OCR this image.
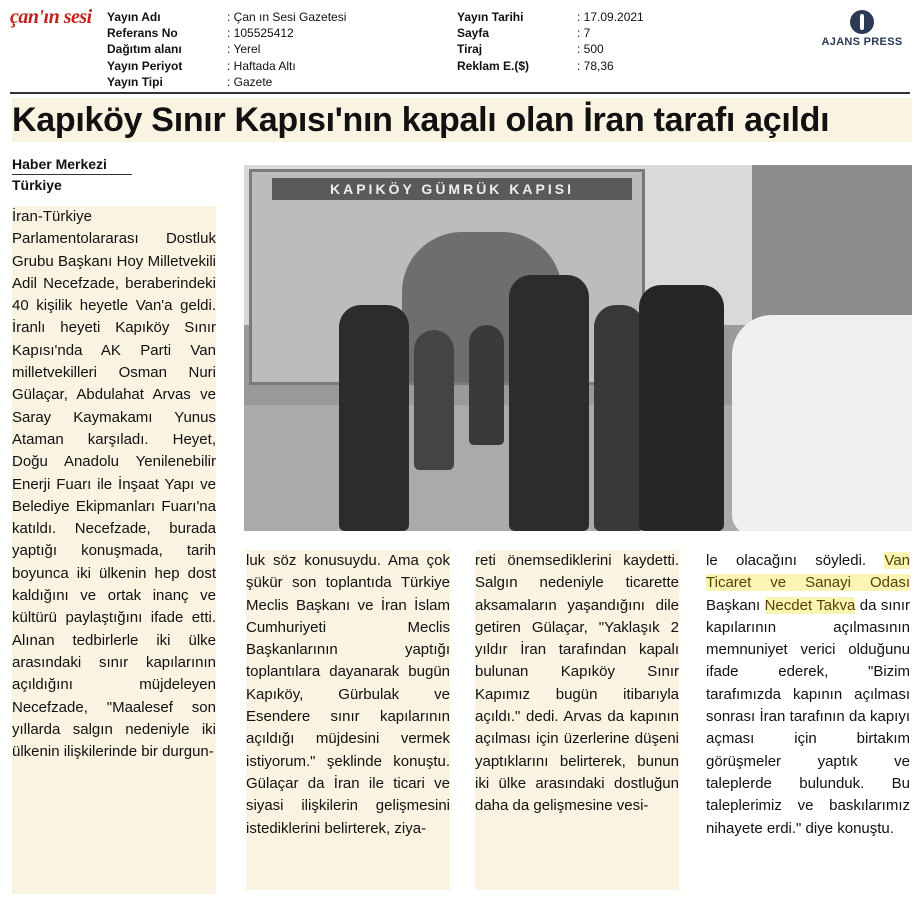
çan'ın sesi
	Yayın Adı	: Çan ın Sesi Gazetesi
Referans No	: 105525412
Dağıtım alanı	: Yerel
Yayın Periyot	: Haftada Altı
Yayın Tipi	: Gazete
Yayın Tarihi	: 17.09.2021
Sayfa	: 7
Tiraj	: 500
Reklam E.($)	: 78,36
AJANS PRESS
Kapıköy Sınır Kapısı'nın kapalı olan İran tarafı açıldı
Haber Merkezi
Türkiye	KAPIKÖY GÜMRÜK KAPISI
İran-Türkiye Parlamentolararası Dostluk Grubu Başkanı Hoy Milletvekili Adil Necefzade, beraberindeki 40 kişilik heyetle Van'a geldi. İranlı heyeti Kapıköy Sınır Kapısı'nda AK Parti Van milletvekilleri Osman Nuri Gülaçar, Abdulahat Arvas ve Saray Kaymakamı Yunus Ataman karşıladı. Heyet, Doğu Anadolu Yenilenebilir Enerji Fuarı ile İnşaat Yapı ve Belediye Ekipmanları Fuarı'na katıldı. Necefzade, burada yaptığı konuşmada, tarih boyunca iki ülkenin hep dost kaldığını ve ortak inanç ve kültürü paylaştığını ifade etti. Alınan tedbirlerle iki ülke arasındaki sınır kapılarının açıldığını müjdeleyen Necefzade, "Maalesef son yıllarda salgın nedeniyle iki ülkenin ilişkilerinde bir durgun-
luk söz konusuydu. Ama çok şükür son toplantıda Türkiye Meclis Başkanı ve İran İslam Cumhuriyeti Meclis Başkanlarının yaptığı toplantılara dayanarak bugün Kapıköy, Gürbulak ve Esendere sınır kapılarının açıldığı müjdesini vermek istiyorum." şeklinde konuştu. Gülaçar da İran ile ticari ve siyasi ilişkilerin gelişmesini istediklerini belirterek, ziya-
reti önemsediklerini kaydetti. Salgın nedeniyle ticarette aksamaların yaşandığını dile getiren Gülaçar, "Yaklaşık 2 yıldır İran tarafından kapalı bulunan Kapıköy Sınır Kapımız bugün itibarıyla açıldı." dedi. Arvas da kapının açılması için üzerlerine düşeni yaptıklarını belirterek, bunun iki ülke arasındaki dostluğun daha da gelişmesine vesi-
le olacağını söyledi. Van Ticaret ve Sanayi Odası Başkanı Necdet Takva da sınır kapılarının açılmasının memnuniyet verici olduğunu ifade ederek, "Bizim tarafımızda kapının açılması sonrası İran tarafının da kapıyı açması için birtakım görüşmeler yaptık ve taleplerde bulunduk. Bu taleplerimiz ve baskılarımız nihayete erdi." diye konuştu.
